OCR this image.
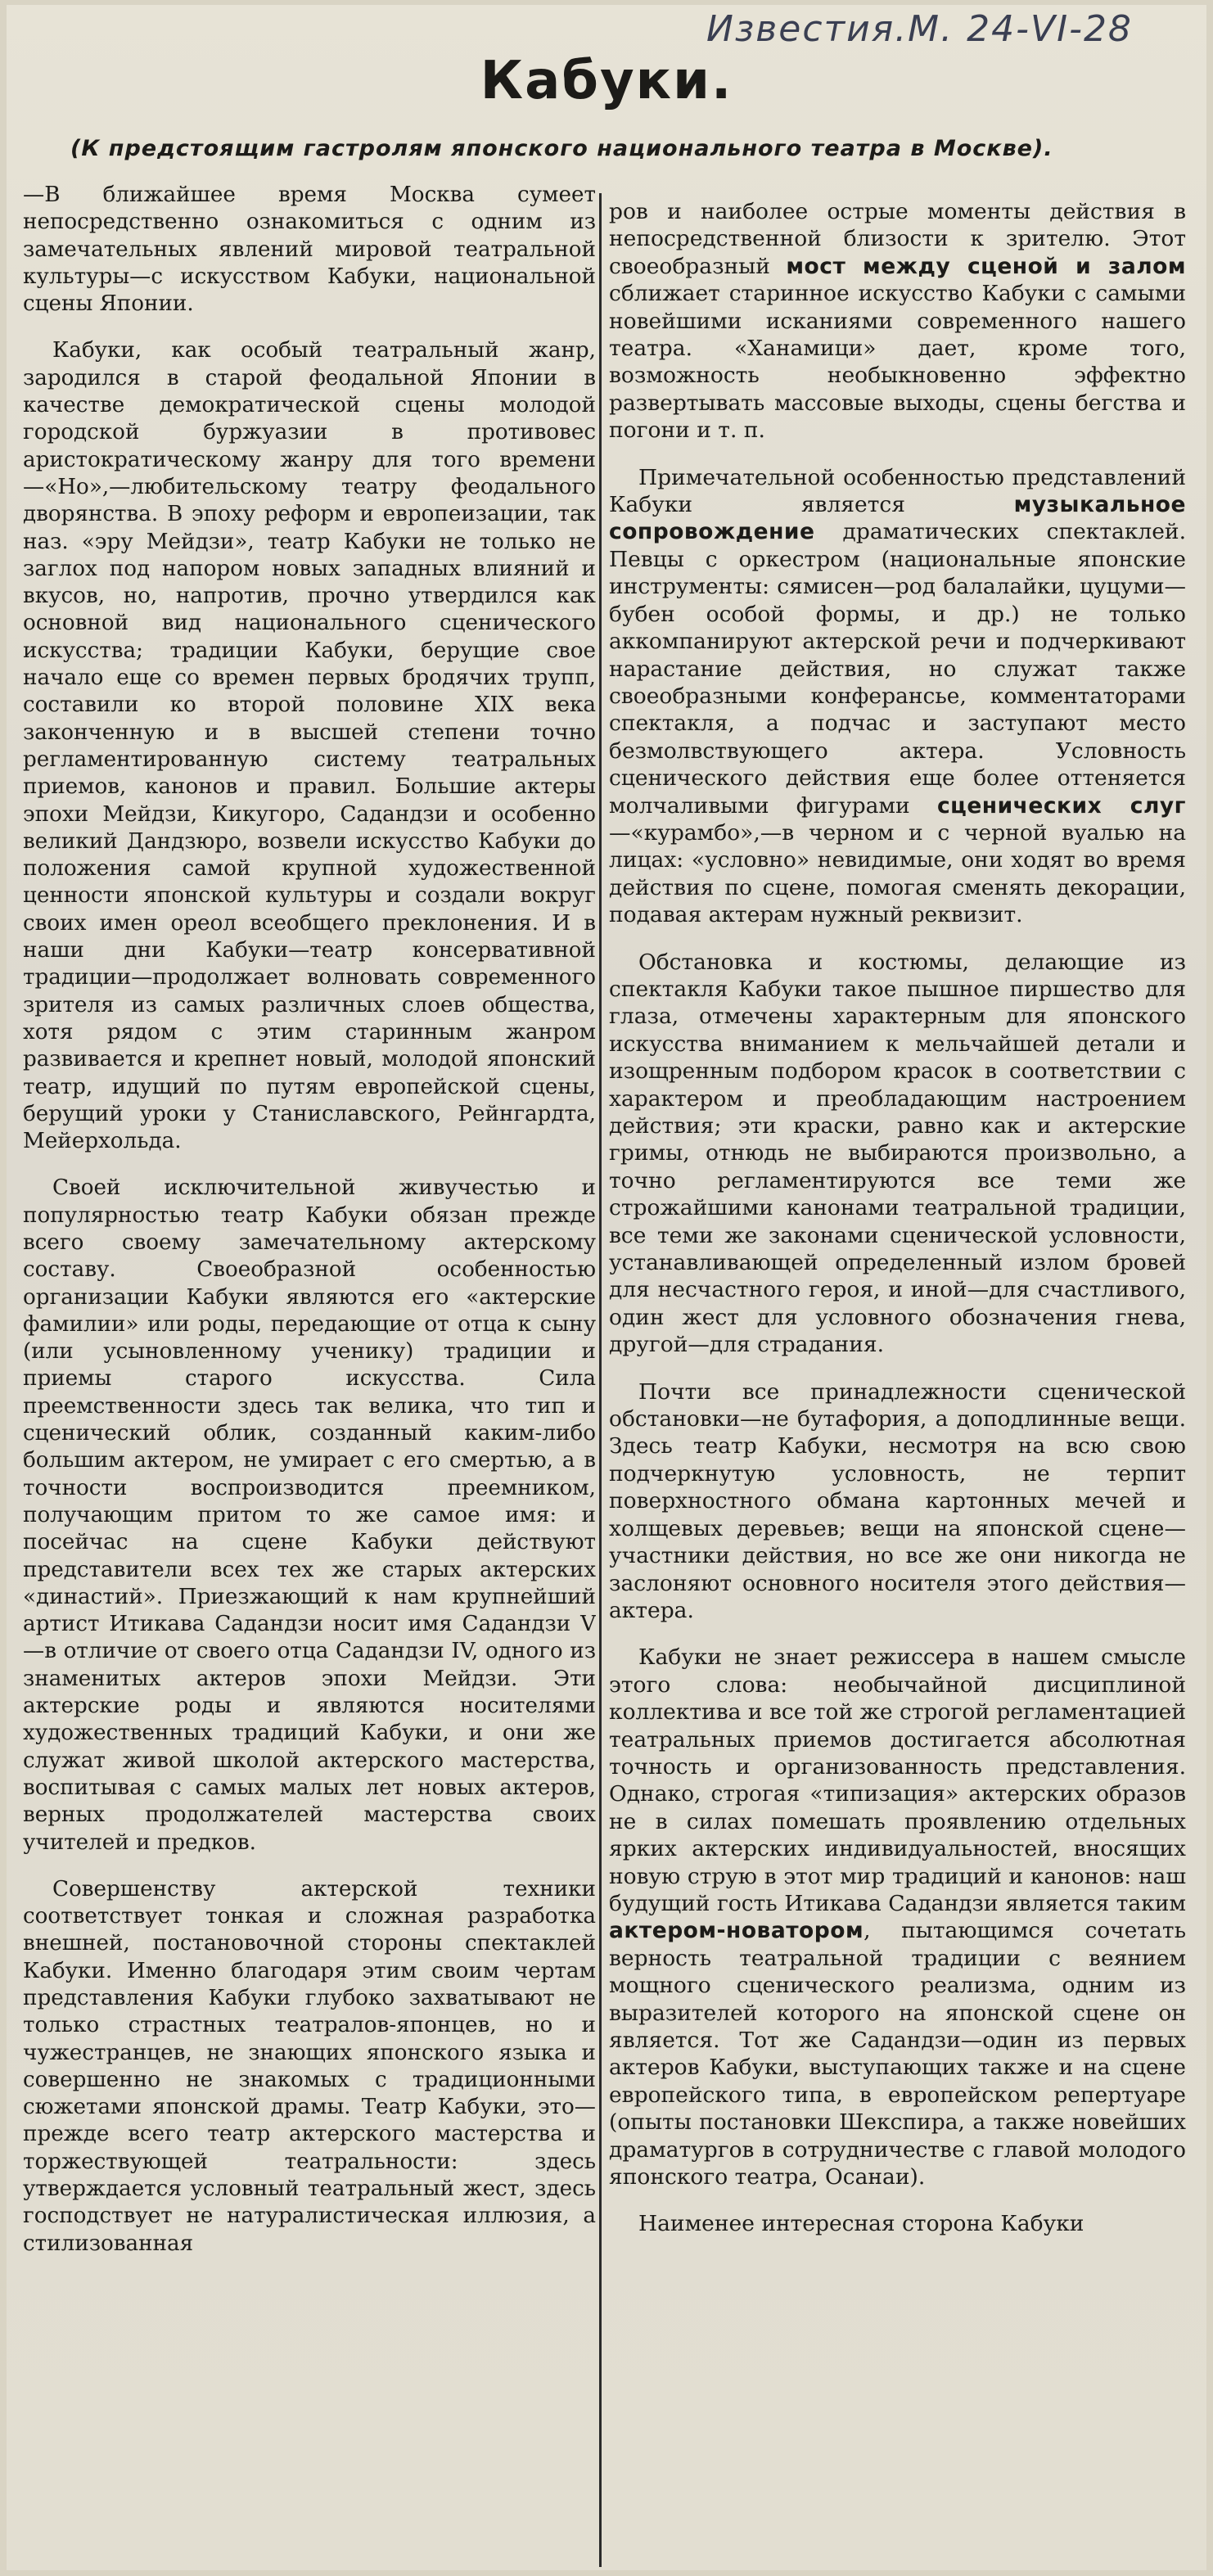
Известия.М. 24-VI-28
Кабуки.
(К предстоящим гастролям японского национального театра в Москве).

—В ближайшее время Москва сумеет непосредственно ознакомиться с одним из замечательных явлений мировой театральной культуры—с искусством Кабуки, национальной сцены Японии.

Кабуки, как особый театральный жанр, зародился в старой феодальной Японии в качестве демократической сцены молодой городской буржуазии в противовес аристократическому жанру для того времени—«Но»,—любительскому театру феодального дворянства. В эпоху реформ и европеизации, так наз. «эру Мейдзи», театр Кабуки не только не заглох под напором новых западных влияний и вкусов, но, напротив, прочно утвердился как основной вид национального сценического искусства; традиции Кабуки, берущие свое начало еще со времен первых бродячих трупп, составили ко второй половине XIX века законченную и в высшей степени точно регламентированную систему театральных приемов, канонов и правил. Большие актеры эпохи Мейдзи, Кикугоро, Садандзи и особенно великий Дандзюро, возвели искусство Кабуки до положения самой крупной художественной ценности японской культуры и создали вокруг своих имен ореол всеобщего преклонения. И в наши дни Кабуки—театр консервативной традиции—продолжает волновать современного зрителя из самых различных слоев общества, хотя рядом с этим старинным жанром развивается и крепнет новый, молодой японский театр, идущий по путям европейской сцены, берущий уроки у Станиславского, Рейнгардта, Мейерхольда.

Своей исключительной живучестью и популярностью театр Кабуки обязан прежде всего своему замечательному актерскому составу. Своеобразной особенностью организации Кабуки являются его «актерские фамилии» или роды, передающие от отца к сыну (или усыновленному ученику) традиции и приемы старого искусства. Сила преемственности здесь так велика, что тип и сценический облик, созданный каким-либо большим актером, не умирает с его смертью, а в точности воспроизводится преемником, получающим притом то же самое имя: и посейчас на сцене Кабуки действуют представители всех тех же старых актерских «династий». Приезжающий к нам крупнейший артист Итикава Садандзи носит имя Садандзи V—в отличие от своего отца Садандзи IV, одного из знаменитых актеров эпохи Мейдзи. Эти актерские роды и являются носителями художественных традиций Кабуки, и они же служат живой школой актерского мастерства, воспитывая с самых малых лет новых актеров, верных продолжателей мастерства своих учителей и предков.

Совершенству актерской техники соответствует тонкая и сложная разработка внешней, постановочной стороны спектаклей Кабуки. Именно благодаря этим своим чертам представления Кабуки глубоко захватывают не только страстных театралов-японцев, но и чужестранцев, не знающих японского языка и совершенно не знакомых с традиционными сюжетами японской драмы. Театр Кабуки, это—прежде всего театр актерского мастерства и торжествующей театральности: здесь утверждается условный театральный жест, здесь господствует не натуралистическая иллюзия, а стилизованная

ров и наиболее острые моменты действия в непосредственной близости к зрителю. Этот своеобразный мост между сценой и залом сближает старинное искусство Кабуки с самыми новейшими исканиями современного нашего театра. «Ханамици» дает, кроме того, возможность необыкновенно эффектно развертывать массовые выходы, сцены бегства и погони и т. п.

Примечательной особенностью представлений Кабуки является музыкальное сопровождение драматических спектаклей. Певцы с оркестром (национальные японские инструменты: сямисен—род балалайки, цуцуми—бубен особой формы, и др.) не только аккомпанируют актерской речи и подчеркивают нарастание действия, но служат также своеобразными конферансье, комментаторами спектакля, а подчас и заступают место безмолвствующего актера. Условность сценического действия еще более оттеняется молчаливыми фигурами сценических слуг—«курамбо»,—в черном и с черной вуалью на лицах: «условно» невидимые, они ходят во время действия по сцене, помогая сменять декорации, подавая актерам нужный реквизит.

Обстановка и костюмы, делающие из спектакля Кабуки такое пышное пиршество для глаза, отмечены характерным для японского искусства вниманием к мельчайшей детали и изощренным подбором красок в соответствии с характером и преобладающим настроением действия; эти краски, равно как и актерские гримы, отнюдь не выбираются произвольно, а точно регламентируются все теми же строжайшими канонами театральной традиции, все теми же законами сценической условности, устанавливающей определенный излом бровей для несчастного героя, и иной—для счастливого, один жест для условного обозначения гнева, другой—для страдания.

Почти все принадлежности сценической обстановки—не бутафория, а доподлинные вещи. Здесь театр Кабуки, несмотря на всю свою подчеркнутую условность, не терпит поверхностного обмана картонных мечей и холщевых деревьев; вещи на японской сцене—участники действия, но все же они никогда не заслоняют основного носителя этого действия—актера.

Кабуки не знает режиссера в нашем смысле этого слова: необычайной дисциплиной коллектива и все той же строгой регламентацией театральных приемов достигается абсолютная точность и организованность представления. Однако, строгая «типизация» актерских образов не в силах помешать проявлению отдельных ярких актерских индивидуальностей, вносящих новую струю в этот мир традиций и канонов: наш будущий гость Итикава Садандзи является таким актером-новатором, пытающимся сочетать верность театральной традиции с веянием мощного сценического реализма, одним из выразителей которого на японской сцене он является. Тот же Садандзи—один из первых актеров Кабуки, выступающих также и на сцене европейского типа, в европейском репертуаре (опыты постановки Шекспира, а также новейших драматургов в сотрудничестве с главой молодого японского театра, Осанаи).

Наименее интересная сторона Кабуки
